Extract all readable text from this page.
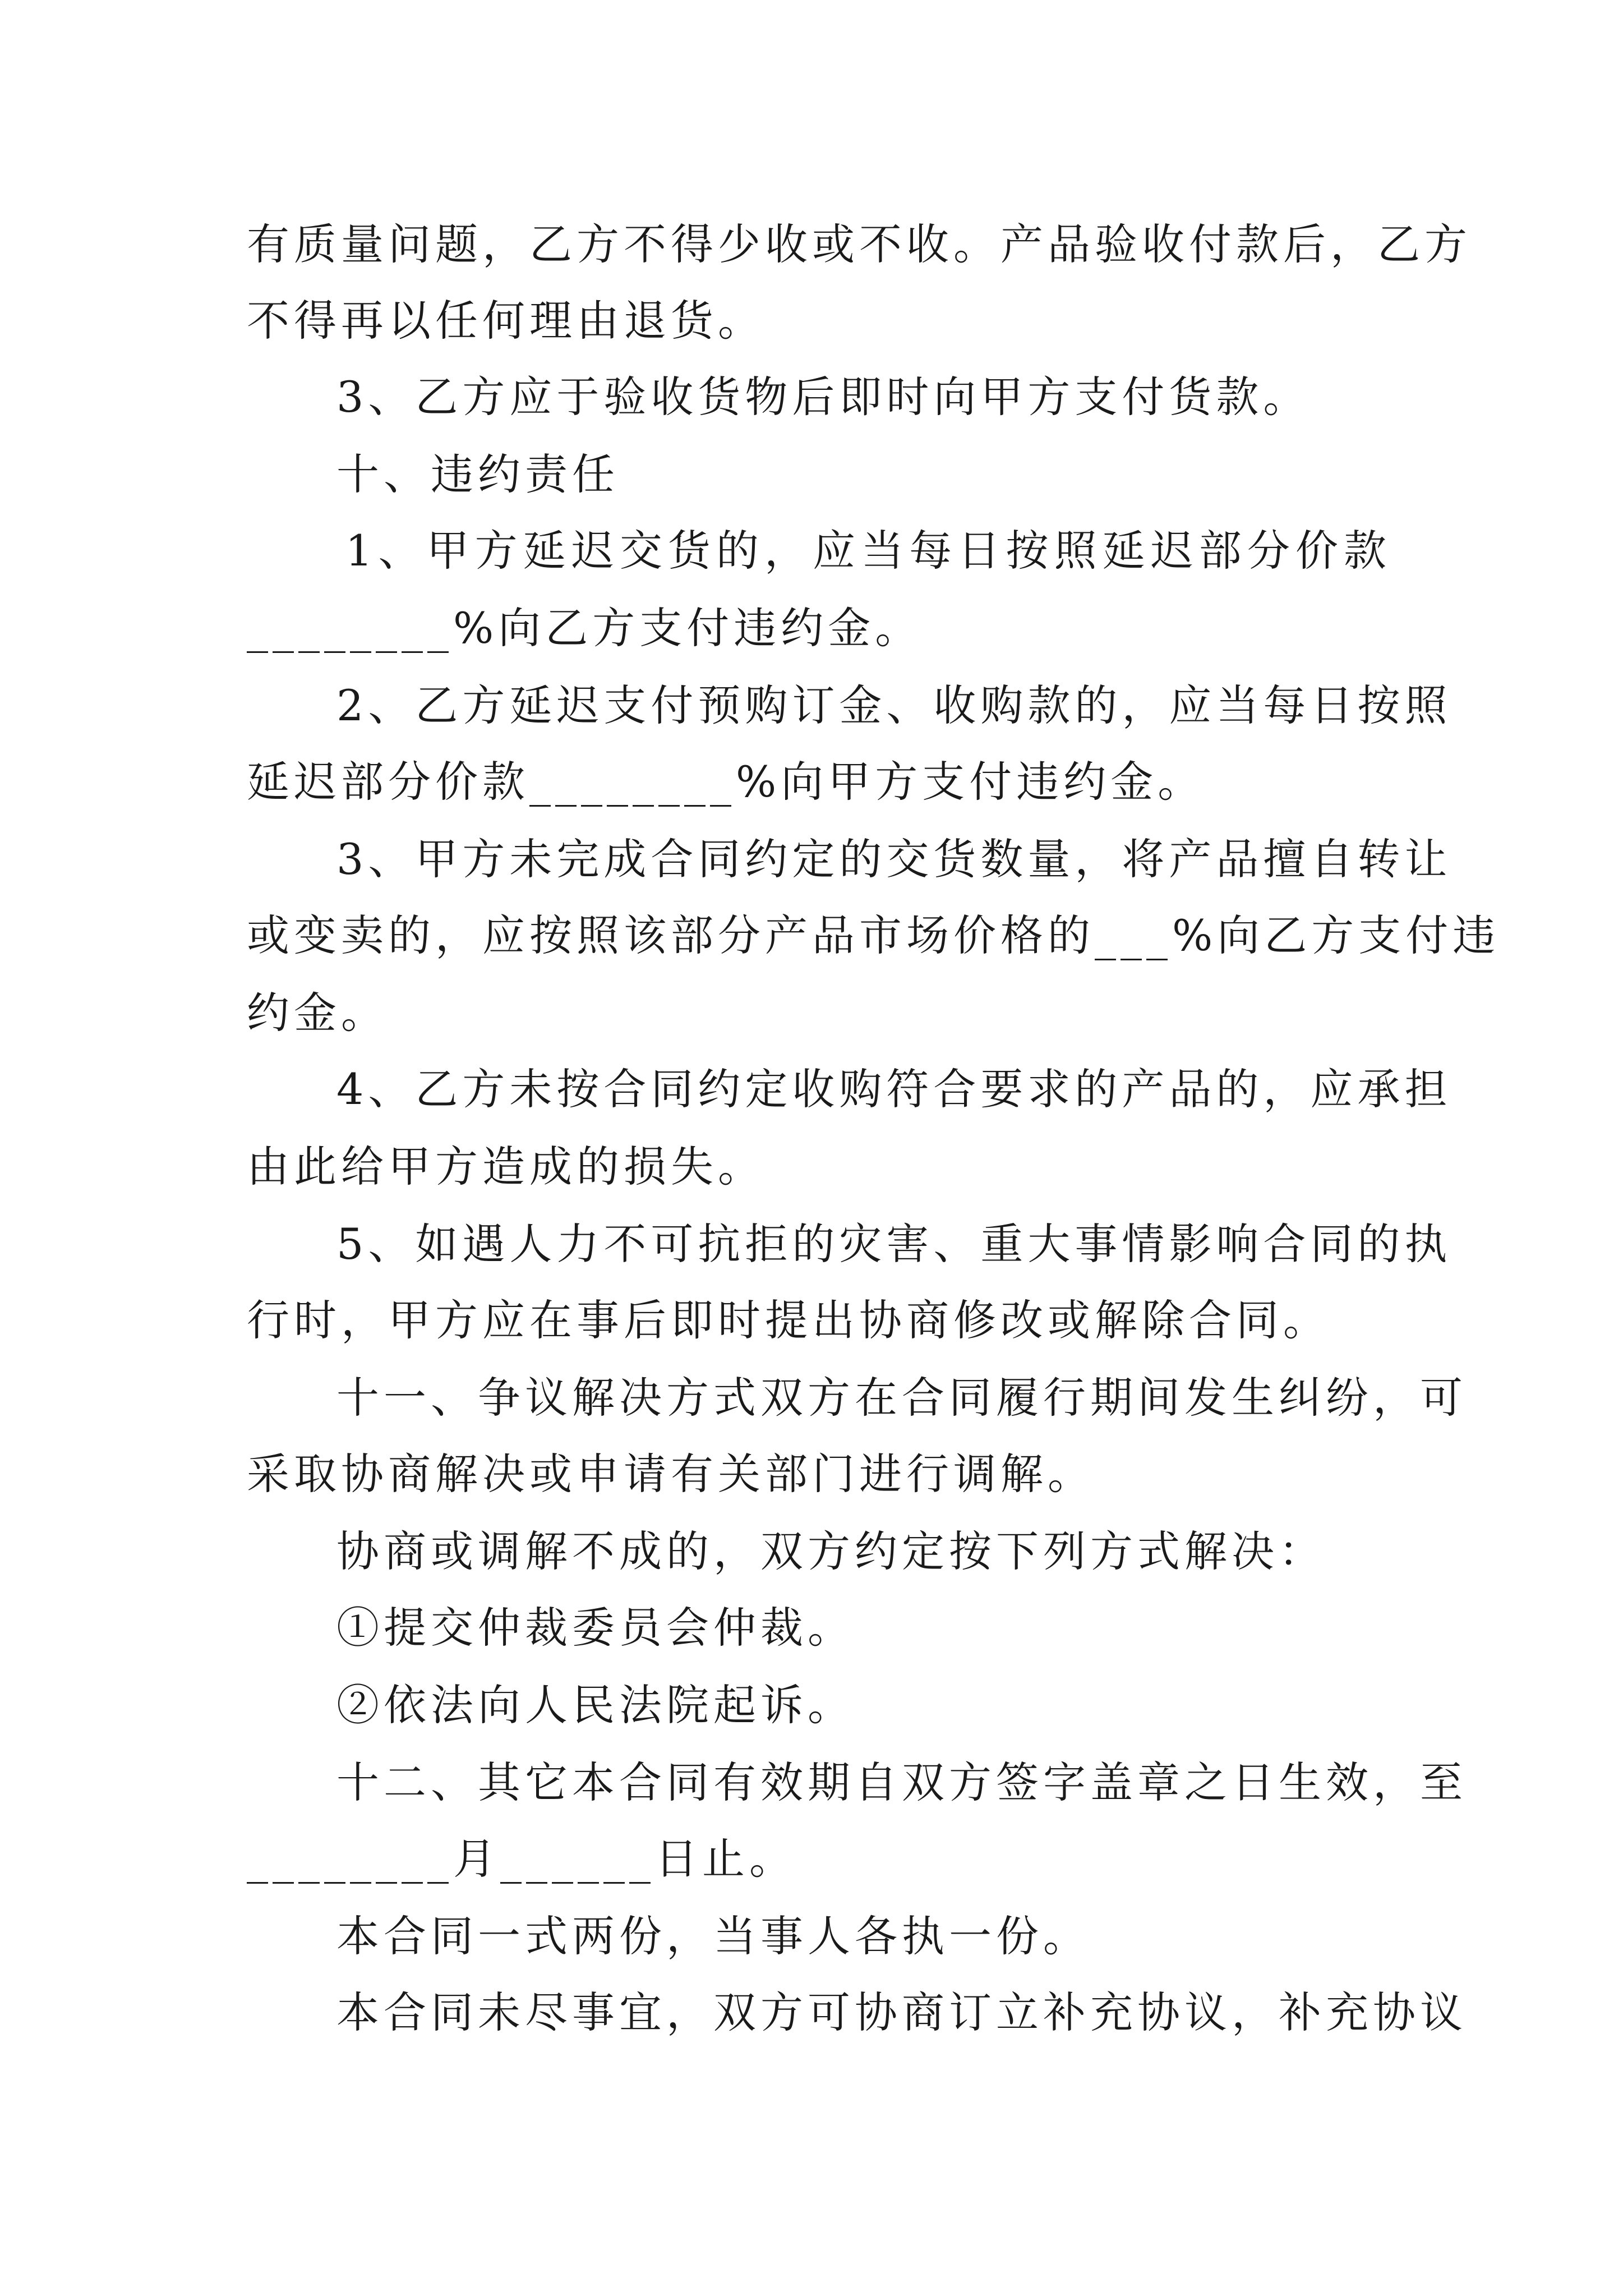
有质量问题，乙方不得少收或不收。产品验收付款后，乙方
不得再以任何理由退货。
3、乙方应于验收货物后即时向甲方支付货款。
十、违约责任
1、甲方延迟交货的，应当每日按照延迟部分价款
________%向乙方支付违约金。
2、乙方延迟支付预购订金、收购款的，应当每日按照
延迟部分价款________%向甲方支付违约金。
3、甲方未完成合同约定的交货数量，将产品擅自转让
或变卖的，应按照该部分产品市场价格的___%向乙方支付违
约金。
4、乙方未按合同约定收购符合要求的产品的，应承担
由此给甲方造成的损失。
5、如遇人力不可抗拒的灾害、重大事情影响合同的执
行时，甲方应在事后即时提出协商修改或解除合同。
十一、争议解决方式双方在合同履行期间发生纠纷，可
采取协商解决或申请有关部门进行调解。
协商或调解不成的，双方约定按下列方式解决：
①提交仲裁委员会仲裁。
②依法向人民法院起诉。
十二、其它本合同有效期自双方签字盖章之日生效，至
________月______日止。
本合同一式两份，当事人各执一份。
本合同未尽事宜，双方可协商订立补充协议，补充协议
